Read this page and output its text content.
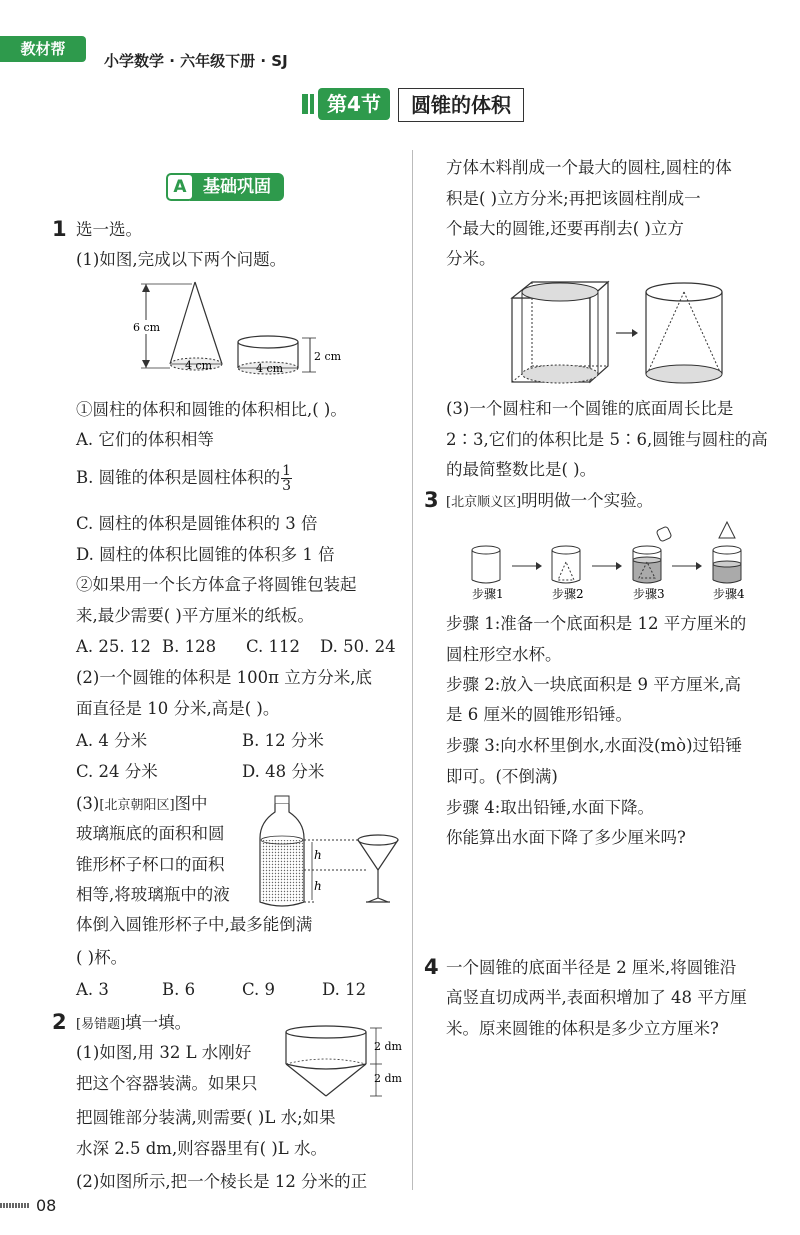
教材帮
小学数学 · 六年级下册 · SJ
第4节	圆锥的体积
基础巩固
A
1 选一选。
(1)如图,完成以下两个问题。
6 cm
4 cm	4 cm
2 cm
①圆柱的体积和圆锥的体积相比,( )。
A. 它们的体积相等
B. 圆锥的体积是圆柱体积的 $\frac{1}{3}$
C. 圆柱的体积是圆锥体积的 3 倍
D. 圆柱的体积比圆锥的体积多 1 倍
②如果用一个长方体盒子将圆锥包装起
来,最少需要( )平方厘米的纸板。
A. 25. 12 B. 128 C. 112 D. 50. 24
(2)一个圆锥的体积是 100π 立方分米,底
面直径是 10 分米,高是( )。
A. 4 分米	B. 12 分米
C. 24 分米	D. 48 分米
(3)[北京朝阳区]图中
玻璃瓶底的面积和圆
锥形杯子杯口的面积
相等,将玻璃瓶中的液
体倒入圆锥形杯子中,最多能倒满
( )杯。
h
h
A. 3	B. 6	C. 9	D. 12
2 [易错题]填一填。
(1)如图,用 32 L 水刚好
把这个容器装满。如果只
2 dm
2 dm
把圆锥部分装满,则需要( )L 水;如果
水深 2.5 dm,则容器里有( )L 水。
(2)如图所示,把一个棱长是 12 分米的正
方体木料削成一个最大的圆柱,圆柱的体
积是( )立方分米;再把该圆柱削成一
个最大的圆锥,还要再削去( )立方
分米。
(3)一个圆柱和一个圆锥的底面周长比是
2∶3,它们的体积比是 5∶6,圆锥与圆柱的高
的最简整数比是( )。
3 [北京顺义区]明明做一个实验。
步骤1	步骤2	步骤3	步骤4
步骤 1:准备一个底面积是 12 平方厘米的
圆柱形空水杯。
步骤 2:放入一块底面积是 9 平方厘米,高
是 6 厘米的圆锥形铅锤。
步骤 3:向水杯里倒水,水面没(mò)过铅锤
即可。(不倒满)
步骤 4:取出铅锤,水面下降。
你能算出水面下降了多少厘米吗?
4 一个圆锥的底面半径是 2 厘米,将圆锥沿
高竖直切成两半,表面积增加了 48 平方厘
米。原来圆锥的体积是多少立方厘米?
08
